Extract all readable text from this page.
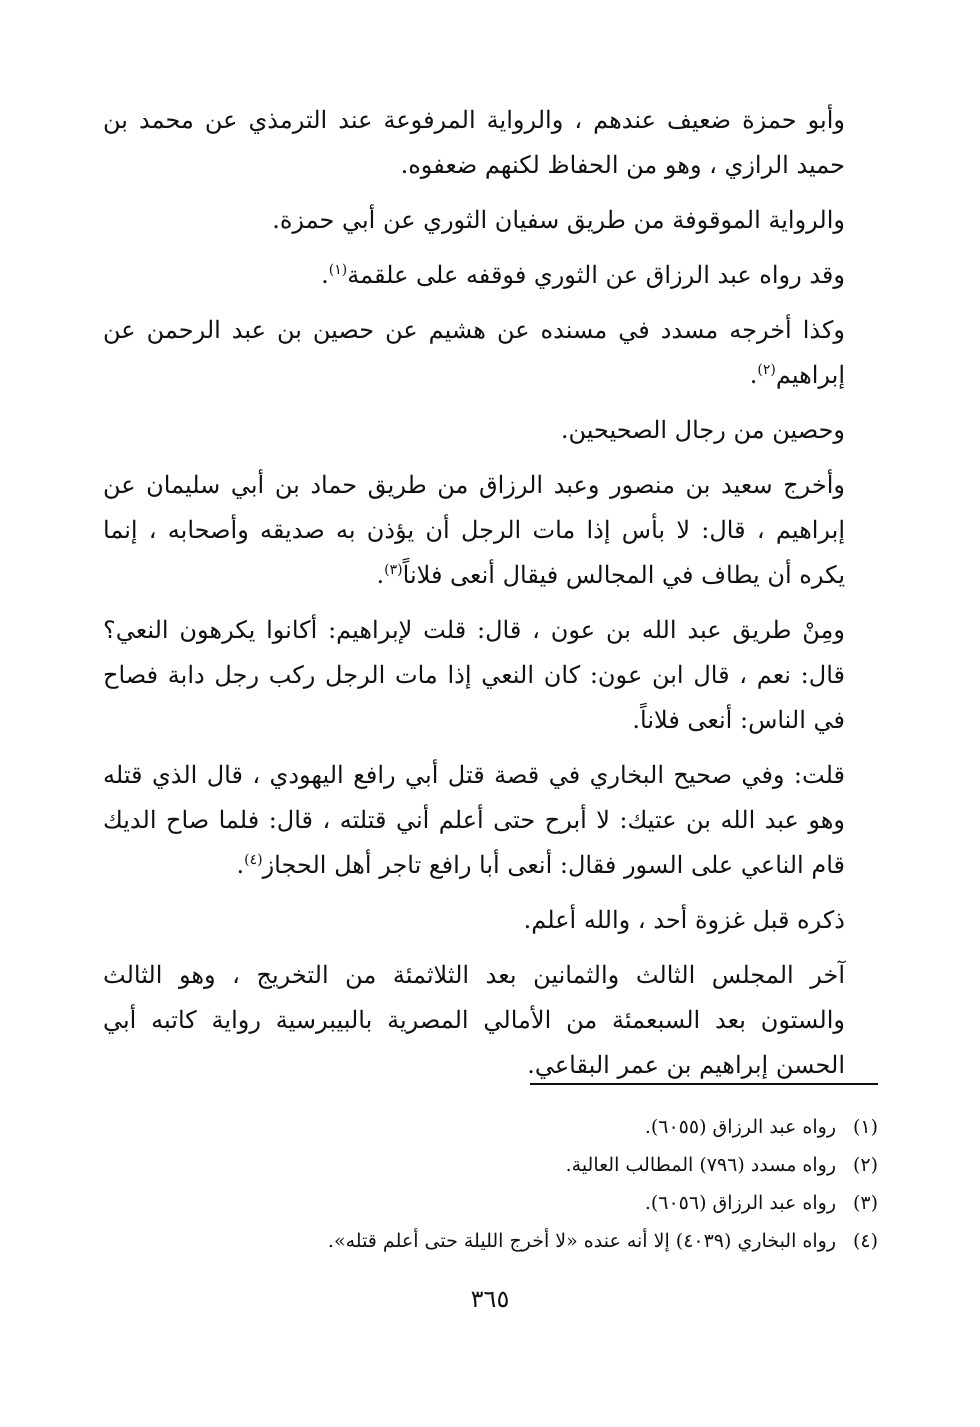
وأبو حمزة ضعيف عندهم ، والرواية المرفوعة عند الترمذي عن محمد بن حميد الرازي ، وهو من الحفاظ لكنهم ضعفوه.

والرواية الموقوفة من طريق سفيان الثوري عن أبي حمزة.

وقد رواه عبد الرزاق عن الثوري فوقفه على علقمة$^{(١)}$.

وكذا أخرجه مسدد في مسنده عن هشيم عن حصين بن عبد الرحمن عن إبراهيم$^{(٢)}$.

وحصين من رجال الصحيحين.

وأخرج سعيد بن منصور وعبد الرزاق من طريق حماد بن أبي سليمان عن إبراهيم ، قال: لا بأس إذا مات الرجل أن يؤذن به صديقه وأصحابه ، إنما يكره أن يطاف في المجالس فيقال أنعى فلاناً$^{(٣)}$.

ومِنْ طريق عبد الله بن عون ، قال: قلت لإبراهيم: أكانوا يكرهون النعي؟ قال: نعم ، قال ابن عون: كان النعي إذا مات الرجل ركب رجل دابة فصاح في الناس: أنعى فلاناً.

قلت: وفي صحيح البخاري في قصة قتل أبي رافع اليهودي ، قال الذي قتله وهو عبد الله بن عتيك: لا أبرح حتى أعلم أني قتلته ، قال: فلما صاح الديك قام الناعي على السور فقال: أنعى أبا رافع تاجر أهل الحجاز$^{(٤)}$.

ذكره قبل غزوة أحد ، والله أعلم.

آخر المجلس الثالث والثمانين بعد الثلاثمئة من التخريج ، وهو الثالث والستون بعد السبعمئة من الأمالي المصرية بالبيبرسية رواية كاتبه أبي الحسن إبراهيم بن عمر البقاعي.

(١)
رواه عبد الرزاق (٦٠٥٥).
(٢)
رواه مسدد (٧٩٦) المطالب العالية.
(٣)
رواه عبد الرزاق (٦٠٥٦).
(٤)
رواه البخاري (٤٠٣٩) إلا أنه عنده «لا أخرج الليلة حتى أعلم قتله».
٣٦٥
